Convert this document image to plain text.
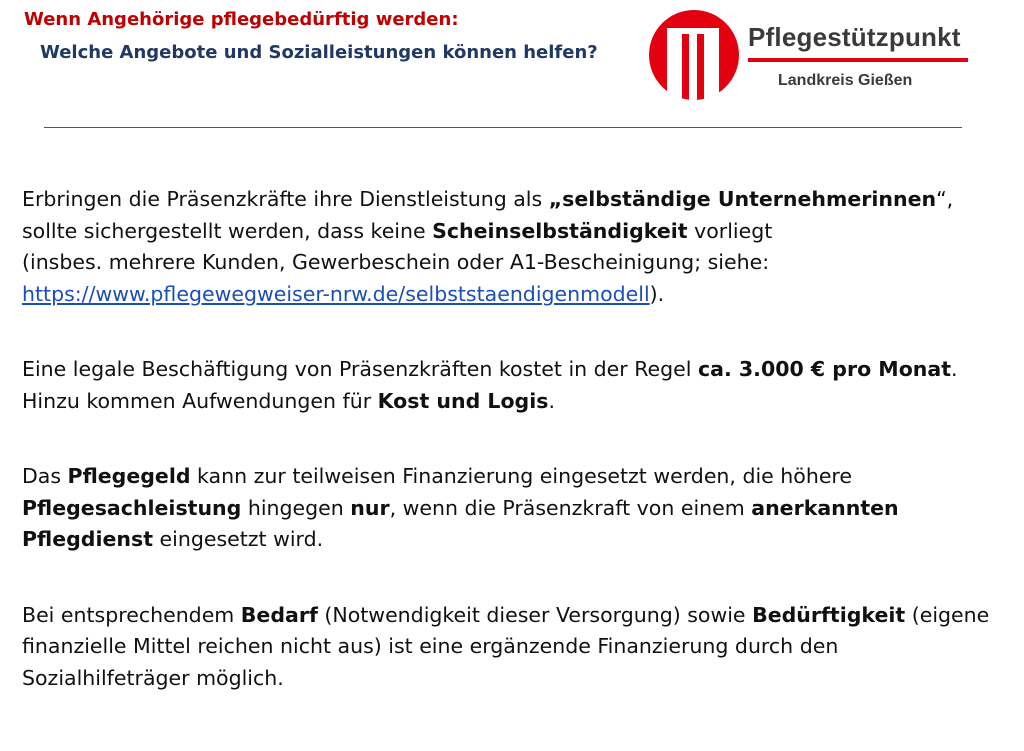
Wenn Angehörige pflegebedürftig werden:
Welche Angebote und Sozialleistungen können helfen?
Pflegestützpunkt
Landkreis Gießen

Erbringen die Präsenzkräfte ihre Dienstleistung als „selbständige Unternehmerinnen“,
sollte sichergestellt werden, dass keine Scheinselbständigkeit vorliegt
(insbes. mehrere Kunden, Gewerbeschein oder A1-Bescheinigung; siehe:
https://www.pflegewegweiser-nrw.de/selbststaendigenmodell).

Eine legale Beschäftigung von Präsenzkräften kostet in der Regel ca. 3.000 € pro Monat. Hinzu kommen Aufwendungen für Kost und Logis.

Das Pflegegeld kann zur teilweisen Finanzierung eingesetzt werden, die höhere Pflegesachleistung hingegen nur, wenn die Präsenzkraft von einem anerkannten Pflegdienst eingesetzt wird.

Bei entsprechendem Bedarf (Notwendigkeit dieser Versorgung) sowie Bedürftigkeit (eigene finanzielle Mittel reichen nicht aus) ist eine ergänzende Finanzierung durch den Sozialhilfeträger möglich.
